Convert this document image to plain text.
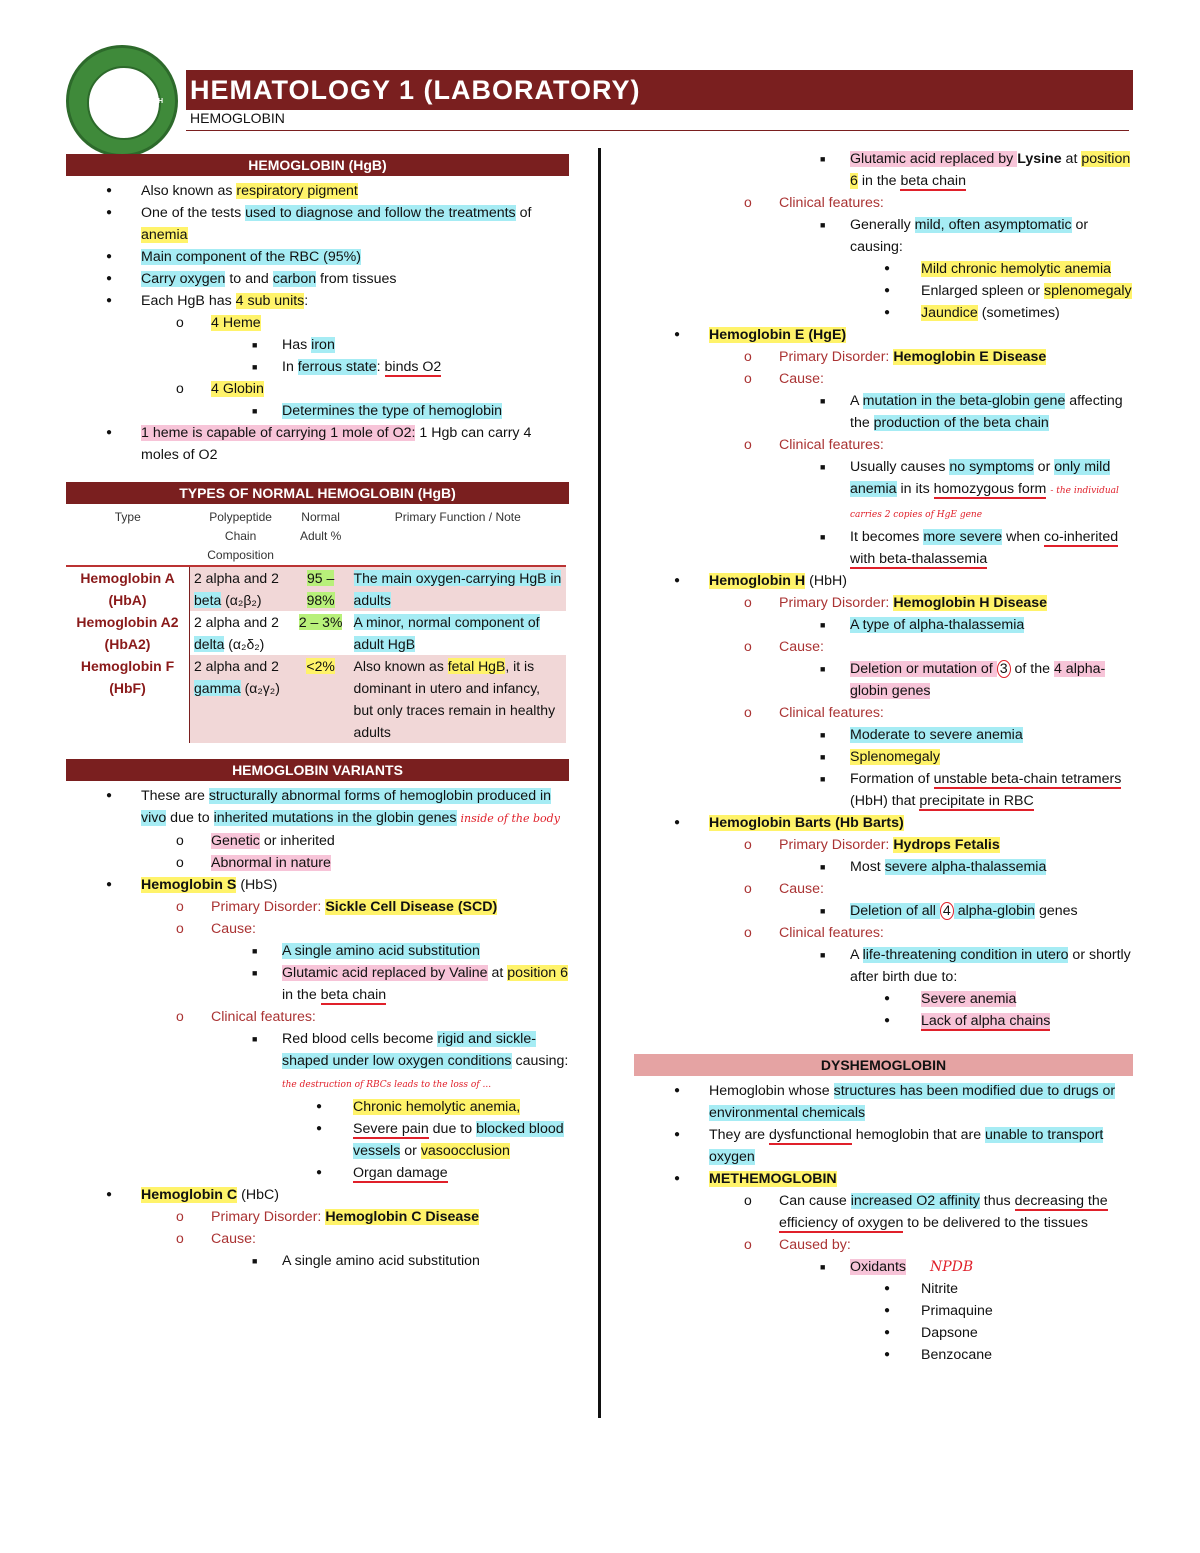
MED	TECH HEMATOLOGY 1 (LABORATORY)
HEMOGLOBIN
HEMOGLOBIN (HgB)
● Also known as respiratory pigment
● One of the tests used to diagnose and follow the treatments of anemia
● Main component of the RBC (95%)
● Carry oxygen to and carbon from tissues
● Each HgB has 4 sub units:
o 4 Heme
■ Has iron
■ In ferrous state: binds O2
o 4 Globin
■ Determines the type of hemoglobin
● 1 heme is capable of carrying 1 mole of O2: 1 Hgb can carry 4 moles of O2
TYPES OF NORMAL HEMOGLOBIN (HgB)
Type	Polypeptide Chain Composition	Normal Adult %	Primary Function / Note
Hemoglobin A (HbA)	2 alpha and 2 beta (α₂β₂)	95 – 98%	The main oxygen-carrying HgB in adults
Hemoglobin A2 (HbA2)	2 alpha and 2 delta (α₂δ₂)	2 – 3%	A minor, normal component of adult HgB
Hemoglobin F (HbF)	2 alpha and 2 gamma (α₂γ₂)	<2%	Also known as fetal HgB, it is dominant in utero and infancy, but only traces remain in healthy adults
HEMOGLOBIN VARIANTS
● These are structurally abnormal forms of hemoglobin produced in vivo due to inherited mutations in the globin genes inside of the body
o Genetic or inherited
o Abnormal in nature
● Hemoglobin S (HbS)
o Primary Disorder: Sickle Cell Disease (SCD)
o Cause:
■ A single amino acid substitution
■ Glutamic acid replaced by Valine at position 6 in the beta chain
o Clinical features:
■ Red blood cells become rigid and sickle-shaped under low oxygen conditions causing: the destruction of RBCs leads to the loss of ...
● Chronic hemolytic anemia,
● Severe pain due to blocked blood vessels or vasoocclusion
● Organ damage
● Hemoglobin C (HbC)
o Primary Disorder: Hemoglobin C Disease
o Cause:
■ A single amino acid substitution
■ Glutamic acid replaced by Lysine at position 6 in the beta chain
o Clinical features:
■ Generally mild, often asymptomatic or causing:
● Mild chronic hemolytic anemia
● Enlarged spleen or splenomegaly
● Jaundice (sometimes)
● Hemoglobin E (HgE)
o Primary Disorder: Hemoglobin E Disease
o Cause:
■ A mutation in the beta-globin gene affecting the production of the beta chain
o Clinical features:
■ Usually causes no symptoms or only mild anemia in its homozygous form - the individual carries 2 copies of HgE gene
■ It becomes more severe when co-inherited with beta-thalassemia
● Hemoglobin H (HbH)
o Primary Disorder: Hemoglobin H Disease
■ A type of alpha-thalassemia
o Cause:
■ Deletion or mutation of 3 of the 4 alpha-globin genes
o Clinical features:
■ Moderate to severe anemia
■ Splenomegaly
■ Formation of unstable beta-chain tetramers (HbH) that precipitate in RBC
● Hemoglobin Barts (Hb Barts)
o Primary Disorder: Hydrops Fetalis
■ Most severe alpha-thalassemia
o Cause:
■ Deletion of all 4 alpha-globin genes
o Clinical features:
■ A life-threatening condition in utero or shortly after birth due to:
● Severe anemia
● Lack of alpha chains
DYSHEMOGLOBIN
● Hemoglobin whose structures has been modified due to drugs or environmental chemicals
● They are dysfunctional hemoglobin that are unable to transport oxygen
● METHEMOGLOBIN
o Can cause increased O2 affinity thus decreasing the efficiency of oxygen to be delivered to the tissues
o Caused by:
■ Oxidants NPDB
● Nitrite
● Primaquine
● Dapsone
● Benzocane
